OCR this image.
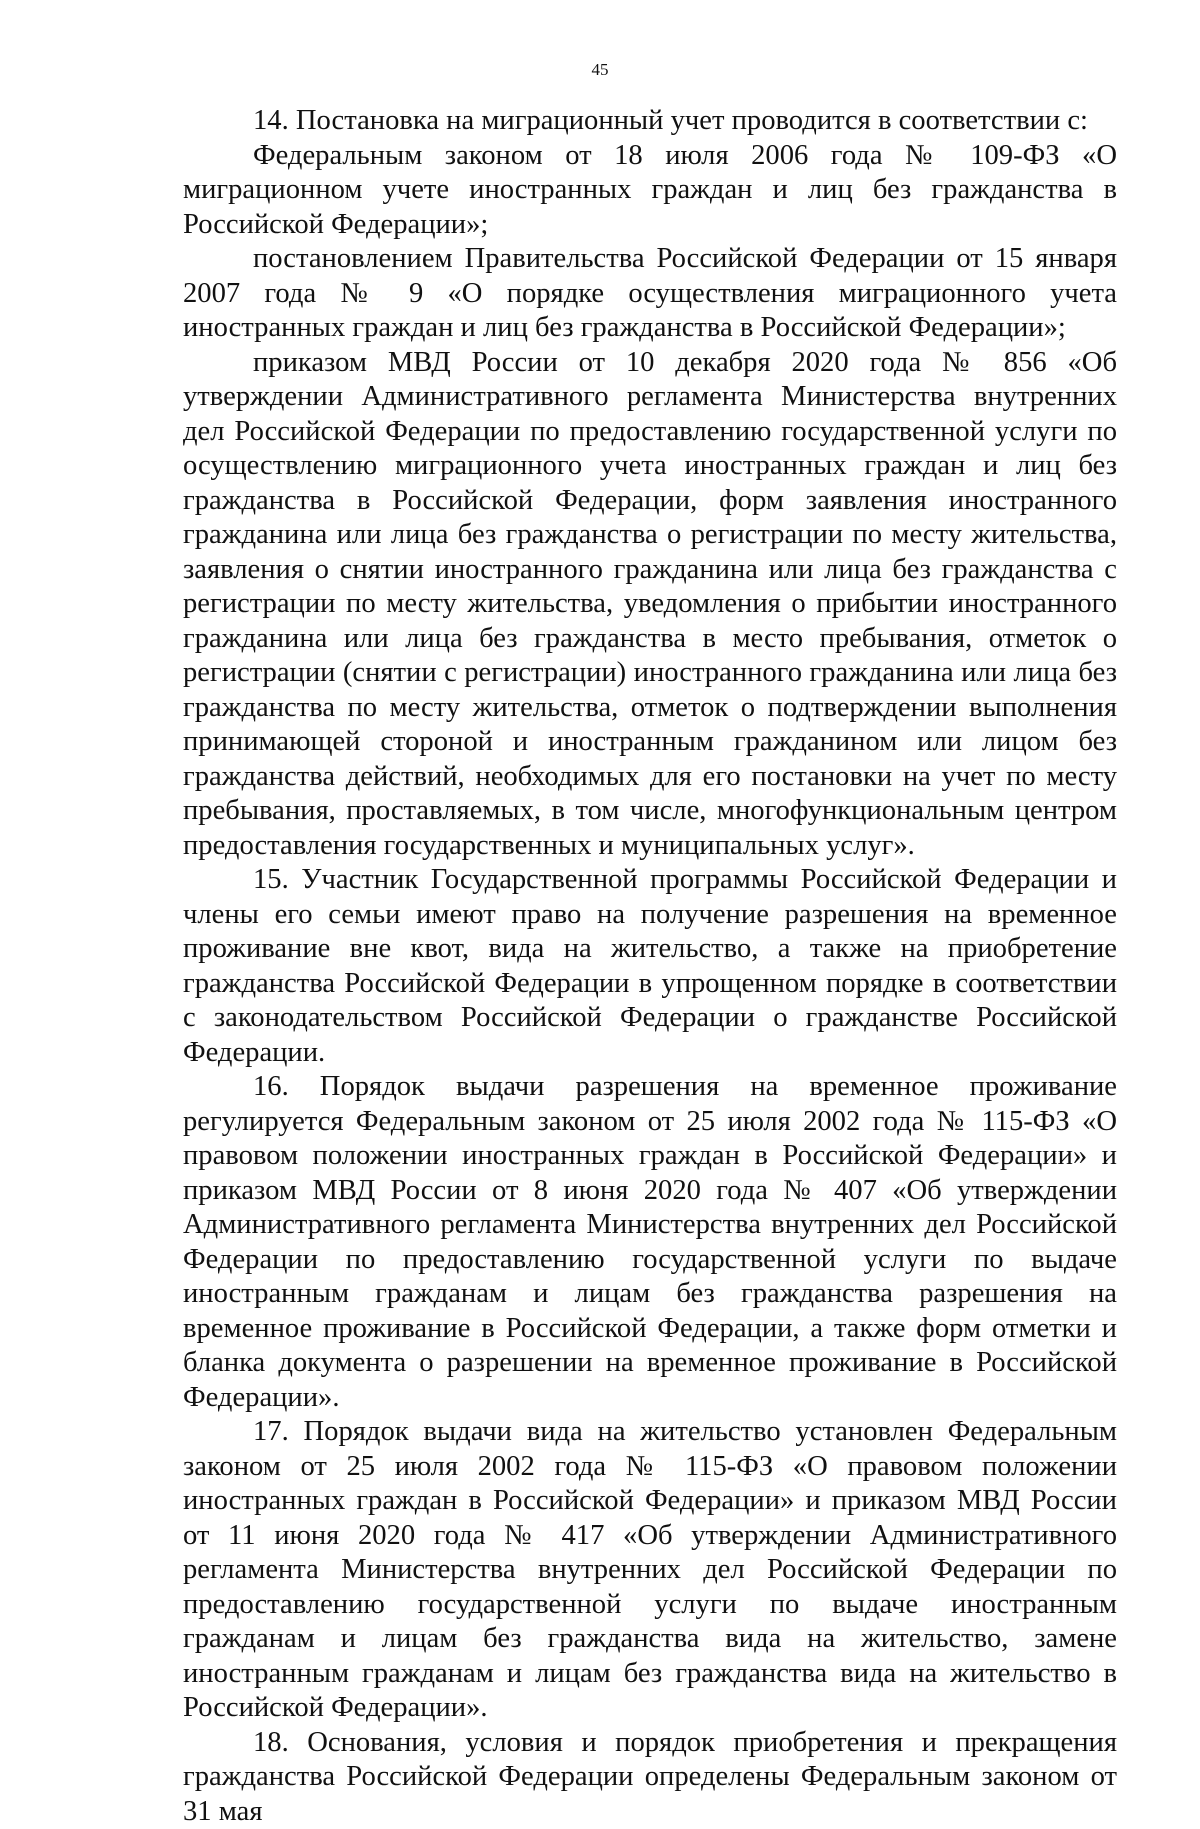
45

14. Постановка на миграционный учет проводится в соответствии с:

Федеральным законом от 18 июля 2006 года № 109-ФЗ «О миграционном учете иностранных граждан и лиц без гражданства в Российской Федерации»;

постановлением Правительства Российской Федерации от 15 января 2007 года № 9 «О порядке осуществления миграционного учета иностранных граждан и лиц без гражданства в Российской Федерации»;

приказом МВД России от 10 декабря 2020 года № 856 «Об утверждении Административного регламента Министерства внутренних дел Российской Федерации по предоставлению государственной услуги по осуществлению миграционного учета иностранных граждан и лиц без гражданства в Российской Федерации, форм заявления иностранного гражданина или лица без гражданства о регистрации по месту жительства, заявления о снятии иностранного гражданина или лица без гражданства с регистрации по месту жительства, уведомления о прибытии иностранного гражданина или лица без гражданства в место пребывания, отметок о регистрации (снятии с регистрации) иностранного гражданина или лица без гражданства по месту жительства, отметок о подтверждении выполнения принимающей стороной и иностранным гражданином или лицом без гражданства действий, необходимых для его постановки на учет по месту пребывания, проставляемых, в том числе, многофункциональным центром предоставления государственных и муниципальных услуг».

15. Участник Государственной программы Российской Федерации и члены его семьи имеют право на получение разрешения на временное проживание вне квот, вида на жительство, а также на приобретение гражданства Российской Федерации в упрощенном порядке в соответствии с законодательством Российской Федерации о гражданстве Российской Федерации.

16. Порядок выдачи разрешения на временное проживание регулируется Федеральным законом от 25 июля 2002 года № 115-ФЗ «О правовом положении иностранных граждан в Российской Федерации» и приказом МВД России от 8 июня 2020 года № 407 «Об утверждении Административного регламента Министерства внутренних дел Российской Федерации по предоставлению государственной услуги по выдаче иностранным гражданам и лицам без гражданства разрешения на временное проживание в Российской Федерации, а также форм отметки и бланка документа о разрешении на временное проживание в Российской Федерации».

17. Порядок выдачи вида на жительство установлен Федеральным законом от 25 июля 2002 года № 115-ФЗ «О правовом положении иностранных граждан в Российской Федерации» и приказом МВД России от 11 июня 2020 года № 417 «Об утверждении Административного регламента Министерства внутренних дел Российской Федерации по предоставлению государственной услуги по выдаче иностранным гражданам и лицам без гражданства вида на жительство, замене иностранным гражданам и лицам без гражданства вида на жительство в Российской Федерации».

18. Основания, условия и порядок приобретения и прекращения гражданства Российской Федерации определены Федеральным законом от 31 мая
